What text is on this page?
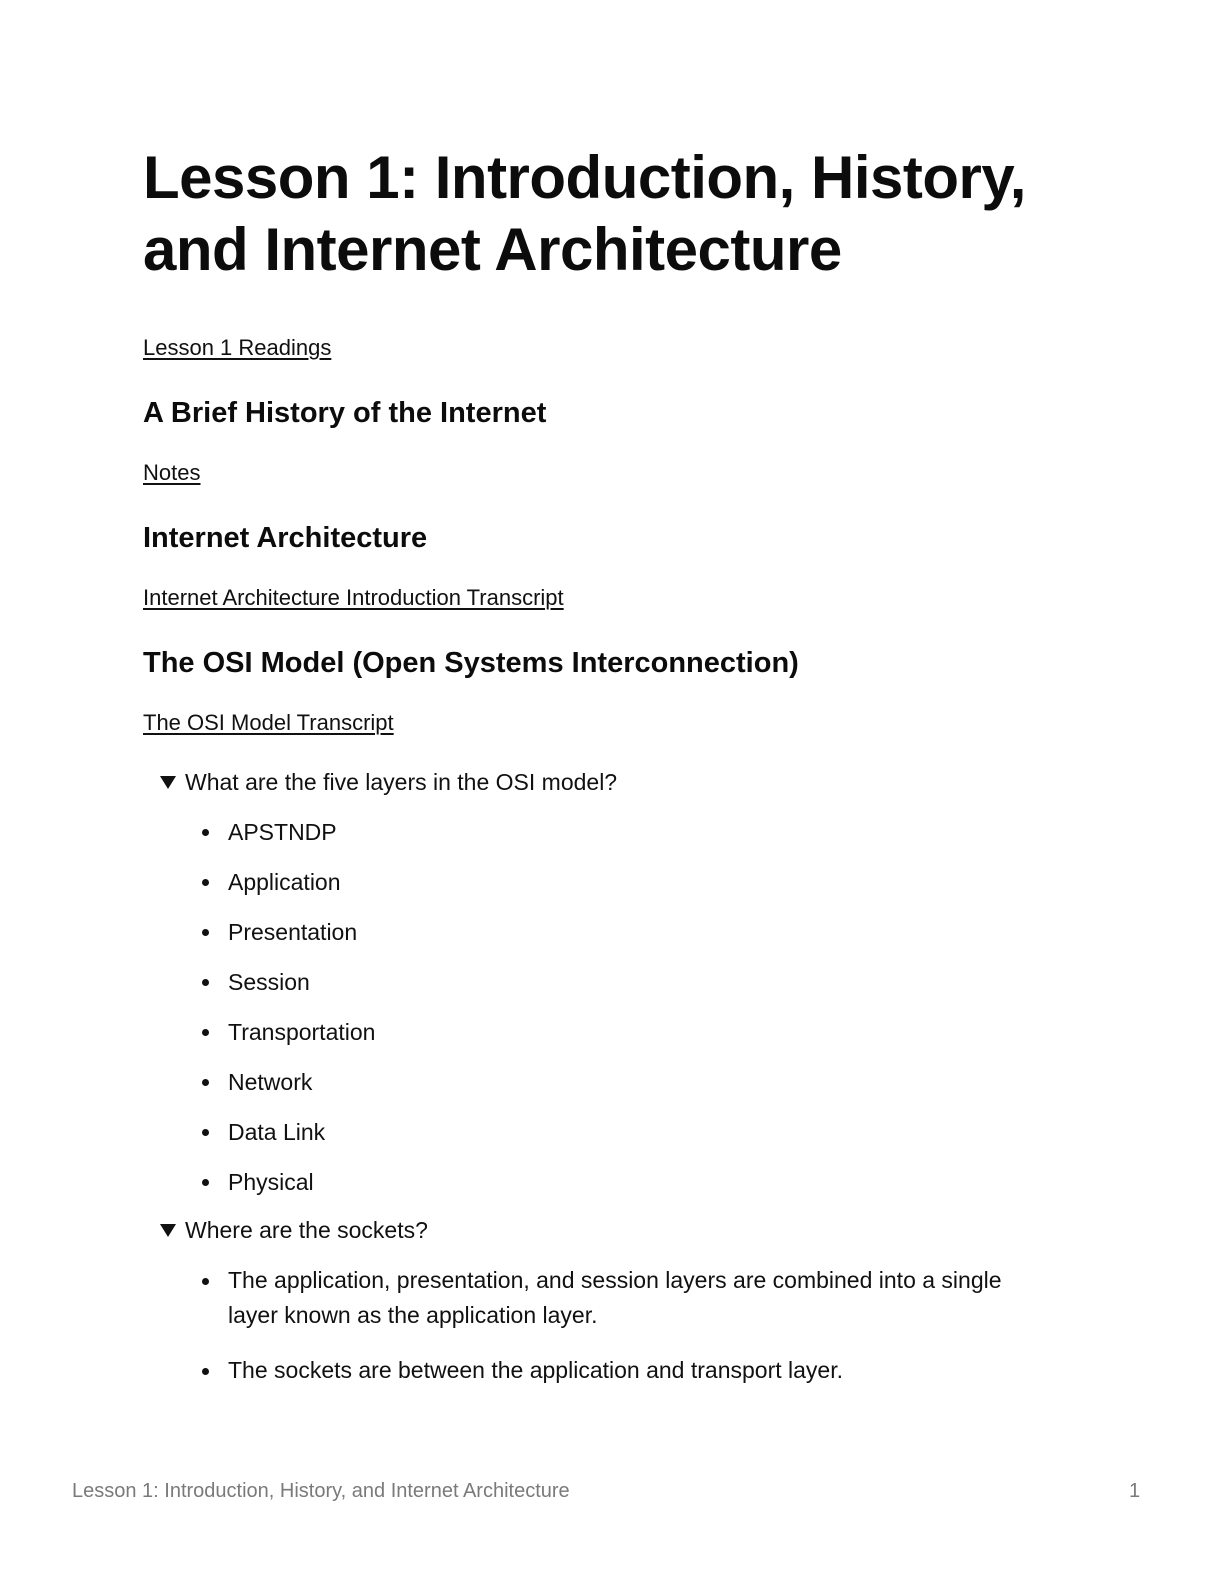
Lesson 1: Introduction, History, and Internet Architecture
Lesson 1 Readings
A Brief History of the Internet
Notes
Internet Architecture
Internet Architecture Introduction Transcript
The OSI Model (Open Systems Interconnection)
The OSI Model Transcript
What are the five layers in the OSI model?
APSTNDP
Application
Presentation
Session
Transportation
Network
Data Link
Physical
Where are the sockets?
The application, presentation, and session layers are combined into a single layer known as the application layer.
The sockets are between the application and transport layer.
Lesson 1: Introduction, History, and Internet Architecture	1
